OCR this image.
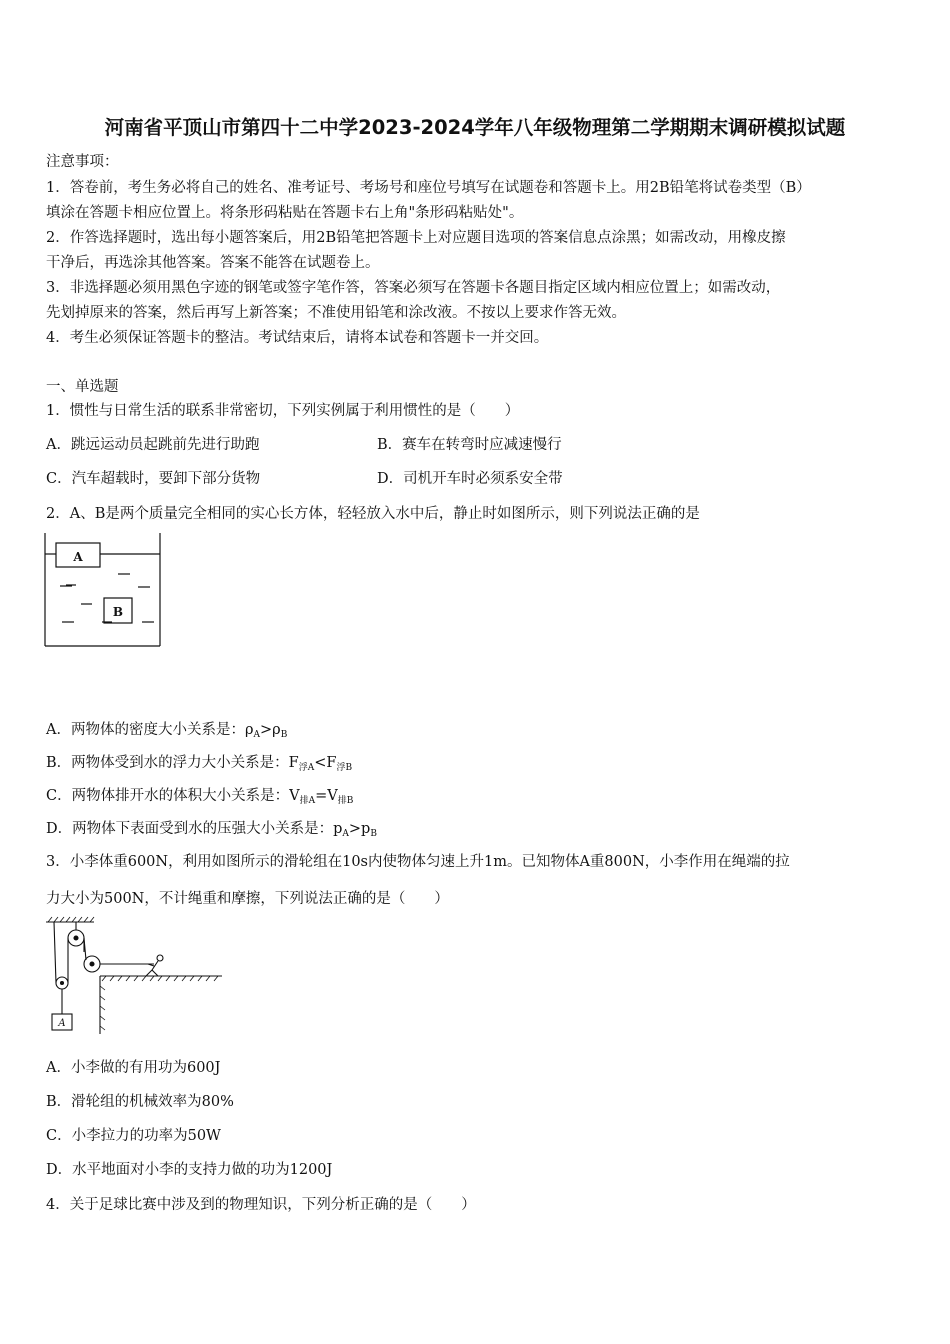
河南省平顶山市第四十二中学2023-2024学年八年级物理第二学期期末调研模拟试题
注意事项：
1．答卷前，考生务必将自己的姓名、准考证号、考场号和座位号填写在试题卷和答题卡上。用2B铅笔将试卷类型（B）
填涂在答题卡相应位置上。将条形码粘贴在答题卡右上角"条形码粘贴处"。
2．作答选择题时，选出每小题答案后，用2B铅笔把答题卡上对应题目选项的答案信息点涂黑；如需改动，用橡皮擦
干净后，再选涂其他答案。答案不能答在试题卷上。
3．非选择题必须用黑色字迹的钢笔或签字笔作答，答案必须写在答题卡各题目指定区域内相应位置上；如需改动，
先划掉原来的答案，然后再写上新答案；不准使用铅笔和涂改液。不按以上要求作答无效。
4．考生必须保证答题卡的整洁。考试结束后，请将本试卷和答题卡一并交回。
一、单选题
1．惯性与日常生活的联系非常密切，下列实例属于利用惯性的是（　　）
A．跳远运动员起跳前先进行助跑	B．赛车在转弯时应减速慢行
C．汽车超载时，要卸下部分货物	D．司机开车时必须系安全带
2．A、B是两个质量完全相同的实心长方体，轻轻放入水中后，静止时如图所示，则下列说法正确的是
A
B
A．两物体的密度大小关系是：$\rho_A>\rho_B$
B．两物体受到水的浮力大小关系是：$F_{浮A}<F_{浮B}$
C．两物体排开水的体积大小关系是：$V_{排A}=V_{排B}$
D．两物体下表面受到水的压强大小关系是：$p_A>p_B$
3．小李体重600N，利用如图所示的滑轮组在10s内使物体匀速上升1m。已知物体A重800N，小李作用在绳端的拉
力大小为500N，不计绳重和摩擦，下列说法正确的是（　　）
A
A．小李做的有用功为600J
B．滑轮组的机械效率为80%
C．小李拉力的功率为50W
D．水平地面对小李的支持力做的功为1200J
4．关于足球比赛中涉及到的物理知识，下列分析正确的是（　　）
